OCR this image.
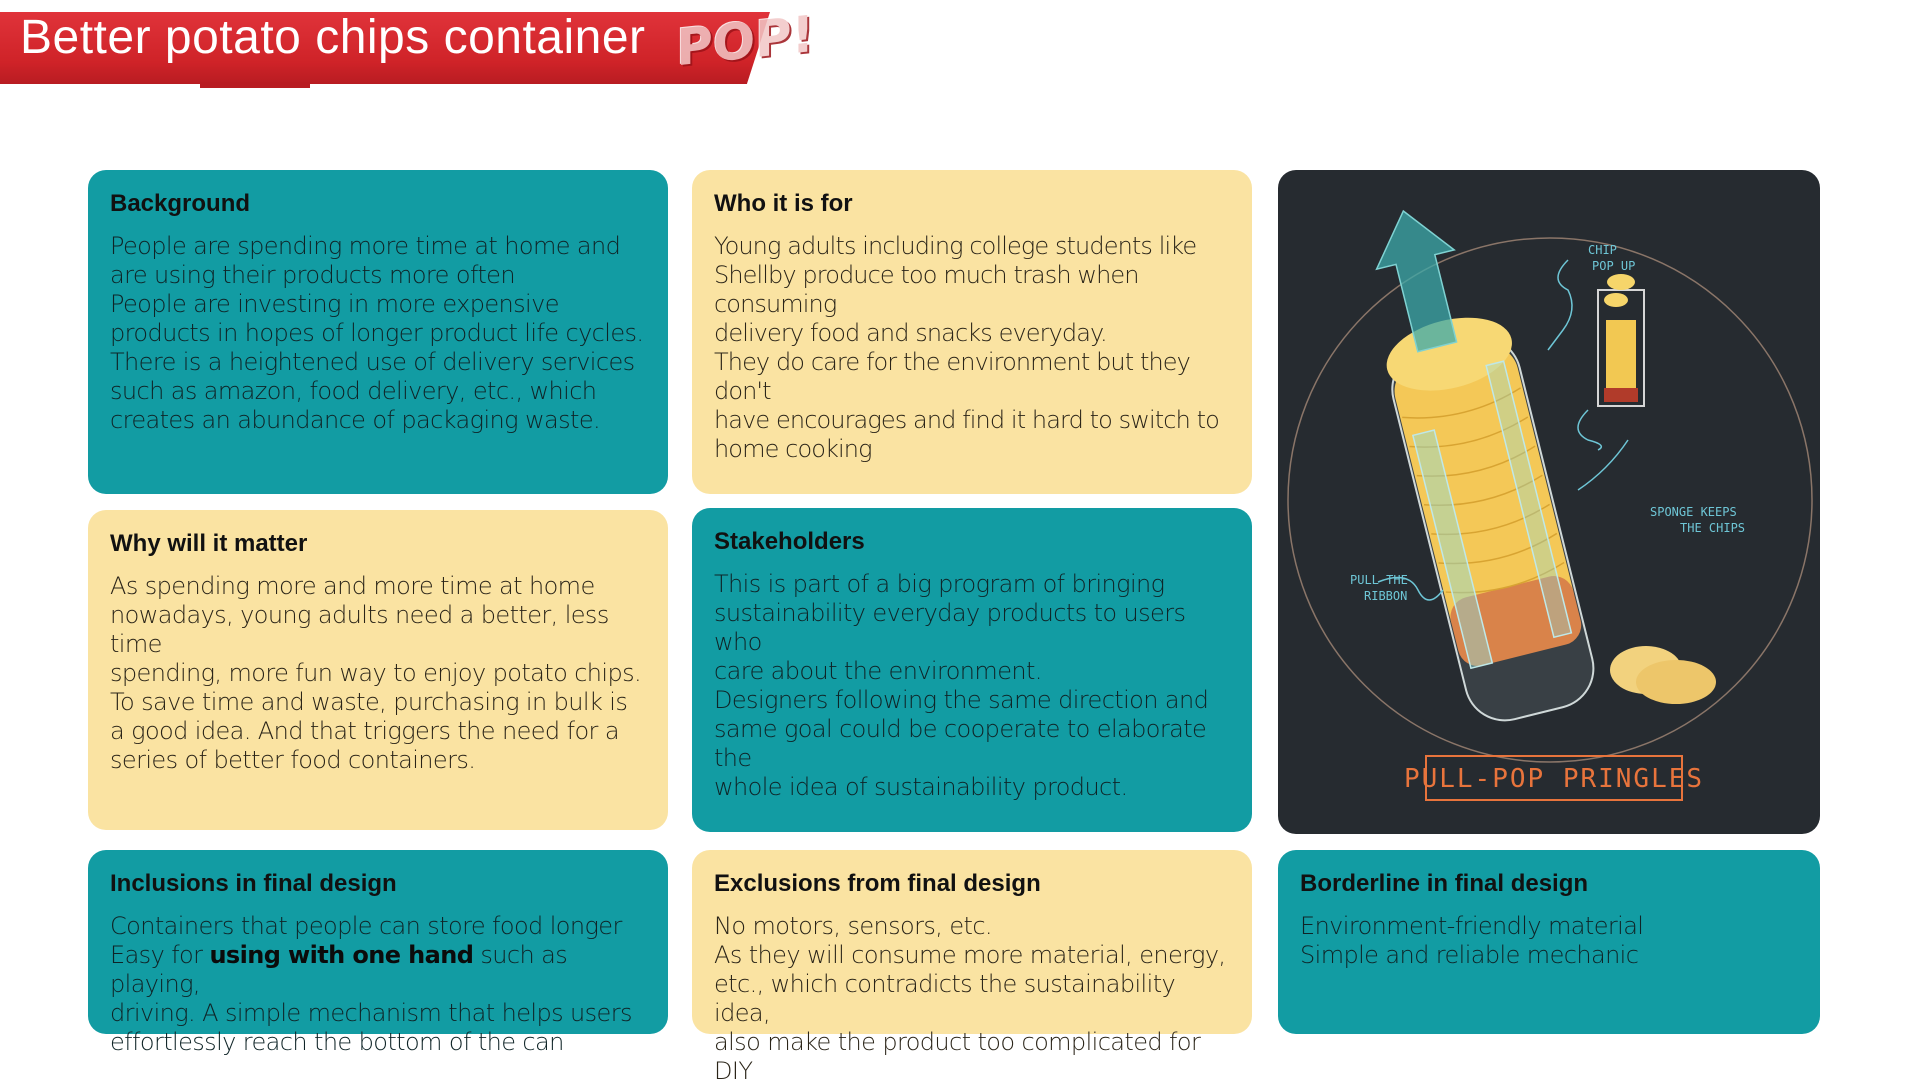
Better potato chips container POP!
Background

People are spending more time at home and

are using their products more often

People are investing in more expensive

products in hopes of longer product life cycles.

There is a heightened use of delivery services

such as amazon, food delivery, etc., which

creates an abundance of packaging waste.

Who it is for

Young adults including college students like

Shellby produce too much trash when consuming

delivery food and snacks everyday.

They do care for the environment but they don't

have encourages and find it hard to switch to

home cooking

CHIP
POP UP
PULL THE
RIBBON
SPONGE KEEPS
THE CHIPS
PULL-POP PRINGLES
Why will it matter

As spending more and more time at home

nowadays, young adults need a better, less time

spending, more fun way to enjoy potato chips.

To save time and waste, purchasing in bulk is

a good idea. And that triggers the need for a

series of better food containers.

Stakeholders

This is part of a big program of bringing

sustainability everyday products to users who

care about the environment.

Designers following the same direction and

same goal could be cooperate to elaborate the

whole idea of sustainability product.

Inclusions in final design

Containers that people can store food longer

Easy for using with one hand such as playing,

driving. A simple mechanism that helps users

effortlessly reach the bottom of the can

Exclusions from final design

No motors, sensors, etc.

As they will consume more material, energy,

etc., which contradicts the sustainability idea,

also make the product too complicated for DIY

Borderline in final design

Environment-friendly material

Simple and reliable mechanic
